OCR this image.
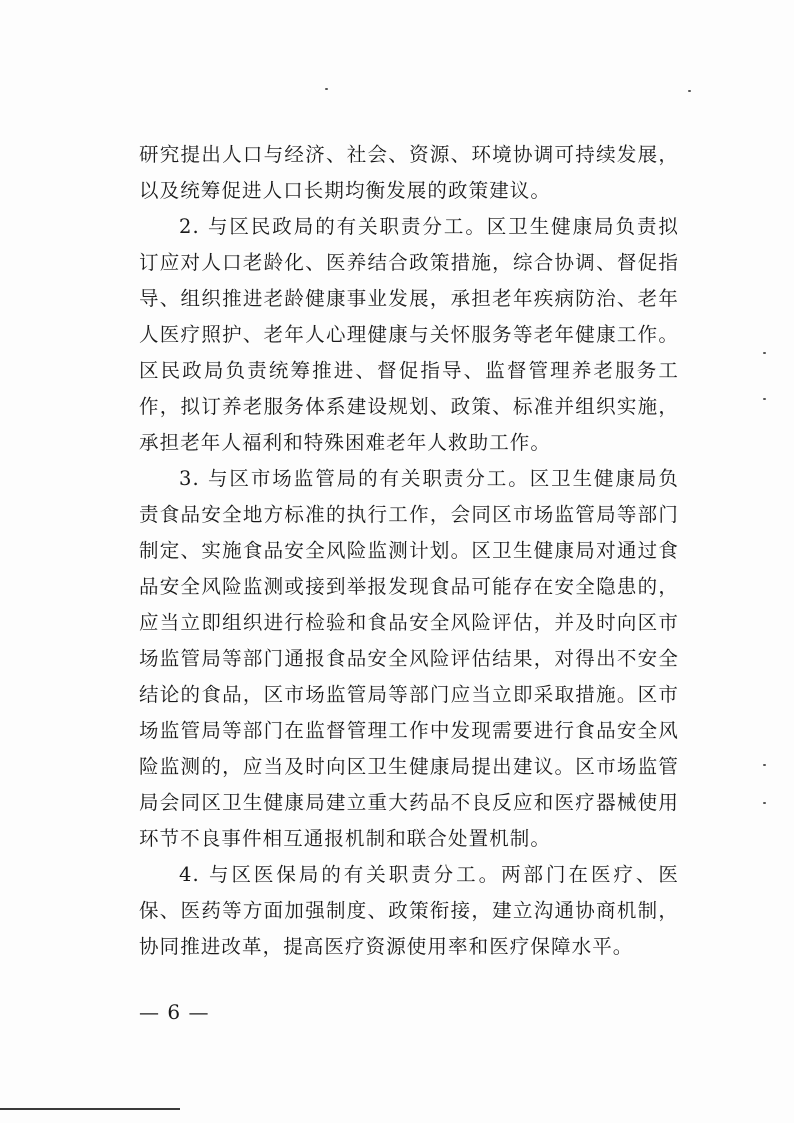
研究提出人口与经济、社会、资源、环境协调可持续发展，以及统筹促进人口长期均衡发展的政策建议。

2. 与区民政局的有关职责分工。区卫生健康局负责拟订应对人口老龄化、医养结合政策措施，综合协调、督促指导、组织推进老龄健康事业发展，承担老年疾病防治、老年人医疗照护、老年人心理健康与关怀服务等老年健康工作。区民政局负责统筹推进、督促指导、监督管理养老服务工作，拟订养老服务体系建设规划、政策、标准并组织实施，承担老年人福利和特殊困难老年人救助工作。

3. 与区市场监管局的有关职责分工。区卫生健康局负责食品安全地方标准的执行工作，会同区市场监管局等部门制定、实施食品安全风险监测计划。区卫生健康局对通过食品安全风险监测或接到举报发现食品可能存在安全隐患的，应当立即组织进行检验和食品安全风险评估，并及时向区市场监管局等部门通报食品安全风险评估结果，对得出不安全结论的食品，区市场监管局等部门应当立即采取措施。区市场监管局等部门在监督管理工作中发现需要进行食品安全风险监测的，应当及时向区卫生健康局提出建议。区市场监管局会同区卫生健康局建立重大药品不良反应和医疗器械使用环节不良事件相互通报机制和联合处置机制。

4. 与区医保局的有关职责分工。两部门在医疗、医保、医药等方面加强制度、政策衔接，建立沟通协商机制，协同推进改革，提高医疗资源使用率和医疗保障水平。

— 6 —
